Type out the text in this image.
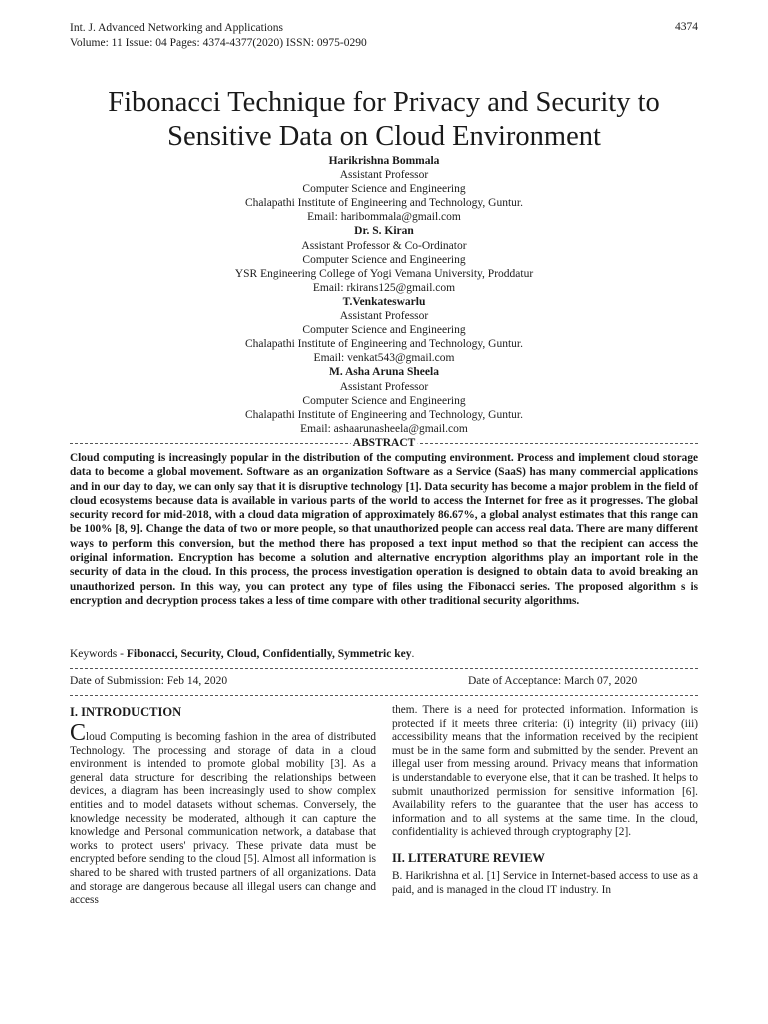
Int. J. Advanced Networking and Applications
Volume: 11 Issue: 04 Pages: 4374-4377(2020) ISSN: 0975-0290
4374
Fibonacci Technique for Privacy and Security to
Sensitive Data on Cloud Environment
Harikrishna Bommala
Assistant Professor
Computer Science and Engineering
Chalapathi Institute of Engineering and Technology, Guntur.
Email: haribommala@gmail.com
Dr. S. Kiran
Assistant Professor & Co-Ordinator
Computer Science and Engineering
YSR Engineering College of Yogi Vemana University, Proddatur
Email: rkirans125@gmail.com
T.Venkateswarlu
Assistant Professor
Computer Science and Engineering
Chalapathi Institute of Engineering and Technology, Guntur.
Email: venkat543@gmail.com
M. Asha Aruna Sheela
Assistant Professor
Computer Science and Engineering
Chalapathi Institute of Engineering and Technology, Guntur.
Email: ashaarunasheela@gmail.com
ABSTRACT
Cloud computing is increasingly popular in the distribution of the computing environment. Process and implement cloud storage data to become a global movement. Software as an organization Software as a Service (SaaS) has many commercial applications and in our day to day, we can only say that it is disruptive technology [1]. Data security has become a major problem in the field of cloud ecosystems because data is available in various parts of the world to access the Internet for free as it progresses. The global security record for mid-2018, with a cloud data migration of approximately 86.67%, a global analyst estimates that this range can be 100% [8, 9]. Change the data of two or more people, so that unauthorized people can access real data. There are many different ways to perform this conversion, but the method there has proposed a text input method so that the recipient can access the original information. Encryption has become a solution and alternative encryption algorithms play an important role in the security of data in the cloud. In this process, the process investigation operation is designed to obtain data to avoid breaking an unauthorized person. In this way, you can protect any type of files using the Fibonacci series. The proposed algorithm s is encryption and decryption process takes a less of time compare with other traditional security algorithms.
Keywords - Fibonacci, Security, Cloud, Confidentially, Symmetric key.
Date of Submission: Feb 14, 2020	Date of Acceptance: March 07, 2020
I. INTRODUCTION

Cloud Computing is becoming fashion in the area of distributed Technology. The processing and storage of data in a cloud environment is intended to promote global mobility [3]. As a general data structure for describing the relationships between devices, a diagram has been increasingly used to show complex entities and to model datasets without schemas. Conversely, the knowledge necessity be moderated, although it can capture the knowledge and Personal communication network, a database that works to protect users' privacy. These private data must be encrypted before sending to the cloud [5]. Almost all information is shared to be shared with trusted partners of all organizations. Data and storage are dangerous because all illegal users can change and access

them. There is a need for protected information. Information is protected if it meets three criteria: (i) integrity (ii) privacy (iii) accessibility means that the information received by the recipient must be in the same form and submitted by the sender. Prevent an illegal user from messing around. Privacy means that information is understandable to everyone else, that it can be trashed. It helps to submit unauthorized permission for sensitive information [6]. Availability refers to the guarantee that the user has access to information and to all systems at the same time. In the cloud, confidentiality is achieved through cryptography [2].

II. LITERATURE REVIEW

B. Harikrishna et al. [1] Service in Internet-based access to use as a paid, and is managed in the cloud IT industry. In
